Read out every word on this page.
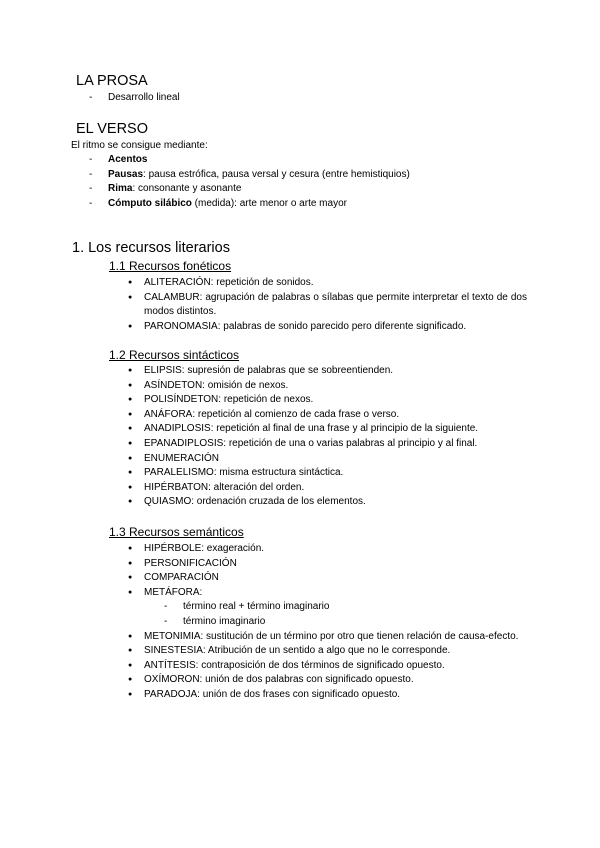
LA PROSA
- Desarrollo lineal
EL VERSO

El ritmo se consigue mediante:

- Acentos
- Pausas: pausa estrófica, pausa versal y cesura (entre hemistiquios)
- Rima: consonante y asonante
- Cómputo silábico (medida): arte menor o arte mayor
1. Los recursos literarios
1.1 Recursos fonéticos
● ALITERACIÓN: repetición de sonidos.
● CALAMBUR: agrupación de palabras o sílabas que permite interpretar el texto de dos modos distintos.
● PARONOMASIA: palabras de sonido parecido pero diferente significado.
1.2 Recursos sintácticos
● ELIPSIS: supresión de palabras que se sobreentienden.
● ASÍNDETON: omisión de nexos.
● POLISÍNDETON: repetición de nexos.
● ANÁFORA: repetición al comienzo de cada frase o verso.
● ANADIPLOSIS: repetición al final de una frase y al principio de la siguiente.
● EPANADIPLOSIS: repetición de una o varias palabras al principio y al final.
● ENUMERACIÓN
● PARALELISMO: misma estructura sintáctica.
● HIPÉRBATON: alteración del orden.
● QUIASMO: ordenación cruzada de los elementos.
1.3 Recursos semánticos
● HIPÉRBOLE: exageración.
● PERSONIFICACIÓN
● COMPARACIÓN
● METÁFORA:
- término real + término imaginario
- término imaginario
● METONIMIA: sustitución de un término por otro que tienen relación de causa-efecto.
● SINESTESIA: Atribución de un sentido a algo que no le corresponde.
● ANTÍTESIS: contraposición de dos términos de significado opuesto.
● OXÍMORON: unión de dos palabras con significado opuesto.
● PARADOJA: unión de dos frases con significado opuesto.
